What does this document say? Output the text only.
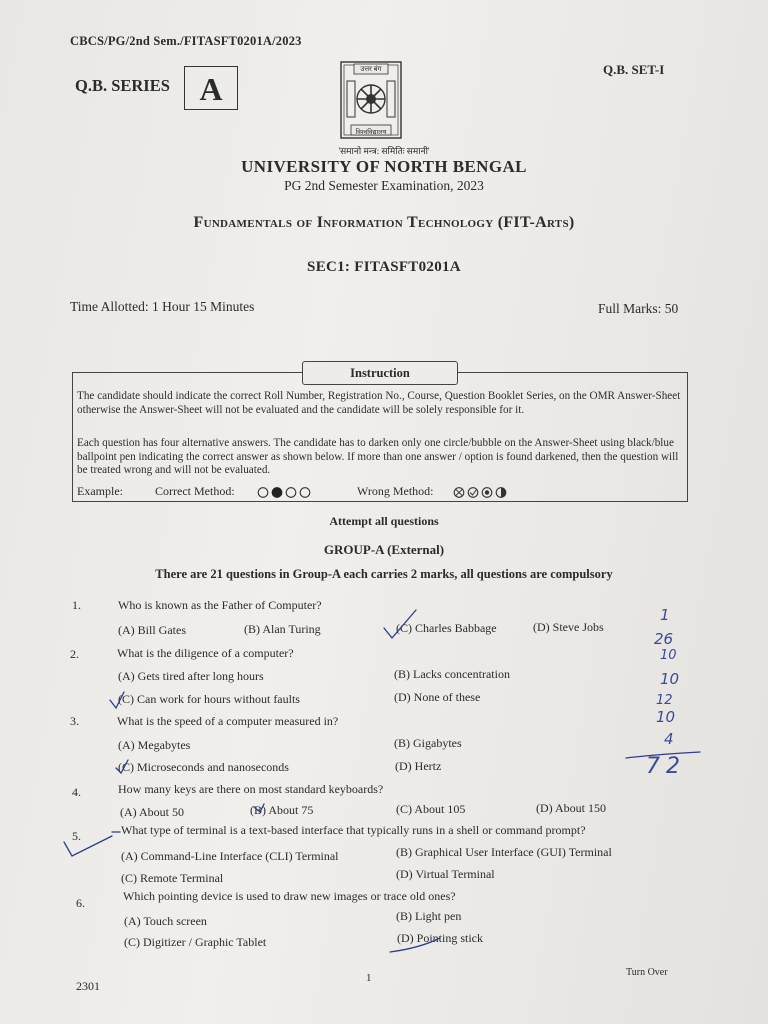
CBCS/PG/2nd Sem./FITASFT0201A/2023
Q.B. SERIES A
Q.B. SET-I
उत्तर बंग
विश्वविद्यालय
'समानो मन्त्र: समितिः समानी'
UNIVERSITY OF NORTH BENGAL
PG 2nd Semester Examination, 2023
Fundamentals of Information Technology (FIT-Arts)
SEC1: FITASFT0201A
Time Allotted: 1 Hour 15 Minutes	Full Marks: 50
Instruction
The candidate should indicate the correct Roll Number, Registration No., Course, Question Booklet Series, on the OMR Answer-Sheet otherwise the Answer-Sheet will not be evaluated and the candidate will be solely responsible for it.
Each question has four alternative answers. The candidate has to darken only one circle/bubble on the Answer-Sheet using black/blue ballpoint pen indicating the correct answer as shown below. If more than one answer / option is found darkened, then the question will be treated wrong and will not be evaluated.
Example:	Correct Method:	Wrong Method:
Attempt all questions
GROUP-A (External)
There are 21 questions in Group-A each carries 2 marks, all questions are compulsory
1.	Who is known as the Father of Computer?
(A) Bill Gates	(B) Alan Turing	(C) Charles Babbage	(D) Steve Jobs
2.	What is the diligence of a computer?
(A) Gets tired after long hours	(B) Lacks concentration
(C) Can work for hours without faults	(D) None of these
3.	What is the speed of a computer measured in?
(A) Megabytes	(B) Gigabytes
(C) Microseconds and nanoseconds	(D) Hertz
4.	How many keys are there on most standard keyboards?
(A) About 50	(B) About 75	(C) About 105	(D) About 150
5.	What type of terminal is a text-based interface that typically runs in a shell or command prompt?
(A) Command-Line Interface (CLI) Terminal	(B) Graphical User Interface (GUI) Terminal
(C) Remote Terminal	(D) Virtual Terminal
6.	Which pointing device is used to draw new images or trace old ones?
(A) Touch screen	(B) Light pen
(C) Digitizer / Graphic Tablet	(D) Pointing stick
1
26
10
10
12
10
4
72
2301
1	Turn Over
